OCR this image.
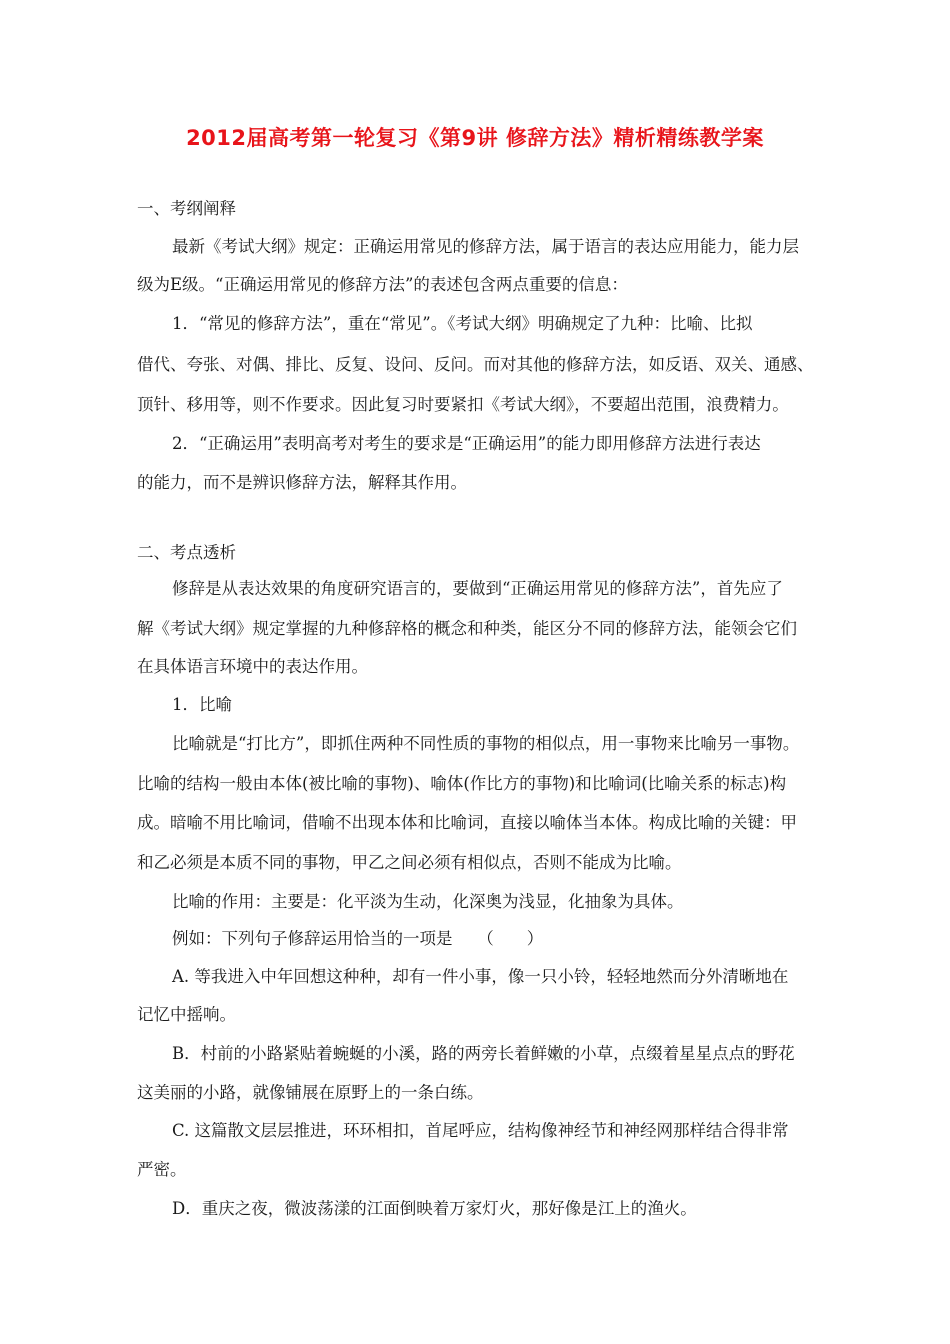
2012届高考第一轮复习《第9讲 修辞方法》精析精练教学案
一、考纲阐释
最新《考试大纲》规定：正确运用常见的修辞方法，属于语言的表达应用能力，能力层
级为E级。“正确运用常见的修辞方法”的表述包含两点重要的信息：
1．“常见的修辞方法”，重在“常见”。《考试大纲》明确规定了九种：比喻、比拟
借代、夸张、对偶、排比、反复、设问、反问。而对其他的修辞方法，如反语、双关、通感、
顶针、移用等，则不作要求。因此复习时要紧扣《考试大纲》，不要超出范围，浪费精力。
2．“正确运用”表明高考对考生的要求是“正确运用”的能力即用修辞方法进行表达
的能力，而不是辨识修辞方法，解释其作用。
二、考点透析
修辞是从表达效果的角度研究语言的，要做到“正确运用常见的修辞方法”，首先应了
解《考试大纲》规定掌握的九种修辞格的概念和种类，能区分不同的修辞方法，能领会它们
在具体语言环境中的表达作用。
1．比喻
比喻就是“打比方”，即抓住两种不同性质的事物的相似点，用一事物来比喻另一事物。
比喻的结构一般由本体(被比喻的事物)、喻体(作比方的事物)和比喻词(比喻关系的标志)构
成。暗喻不用比喻词，借喻不出现本体和比喻词，直接以喻体当本体。构成比喻的关键：甲
和乙必须是本质不同的事物，甲乙之间必须有相似点，否则不能成为比喻。
比喻的作用：主要是：化平淡为生动，化深奥为浅显，化抽象为具体。
例如：下列句子修辞运用恰当的一项是　　（　　）
A. 等我进入中年回想这种种，却有一件小事，像一只小铃，轻轻地然而分外清晰地在
记忆中摇响。
B．村前的小路紧贴着蜿蜒的小溪，路的两旁长着鲜嫩的小草，点缀着星星点点的野花
这美丽的小路，就像铺展在原野上的一条白练。
C. 这篇散文层层推进，环环相扣，首尾呼应，结构像神经节和神经网那样结合得非常
严密。
D．重庆之夜，微波荡漾的江面倒映着万家灯火，那好像是江上的渔火。
